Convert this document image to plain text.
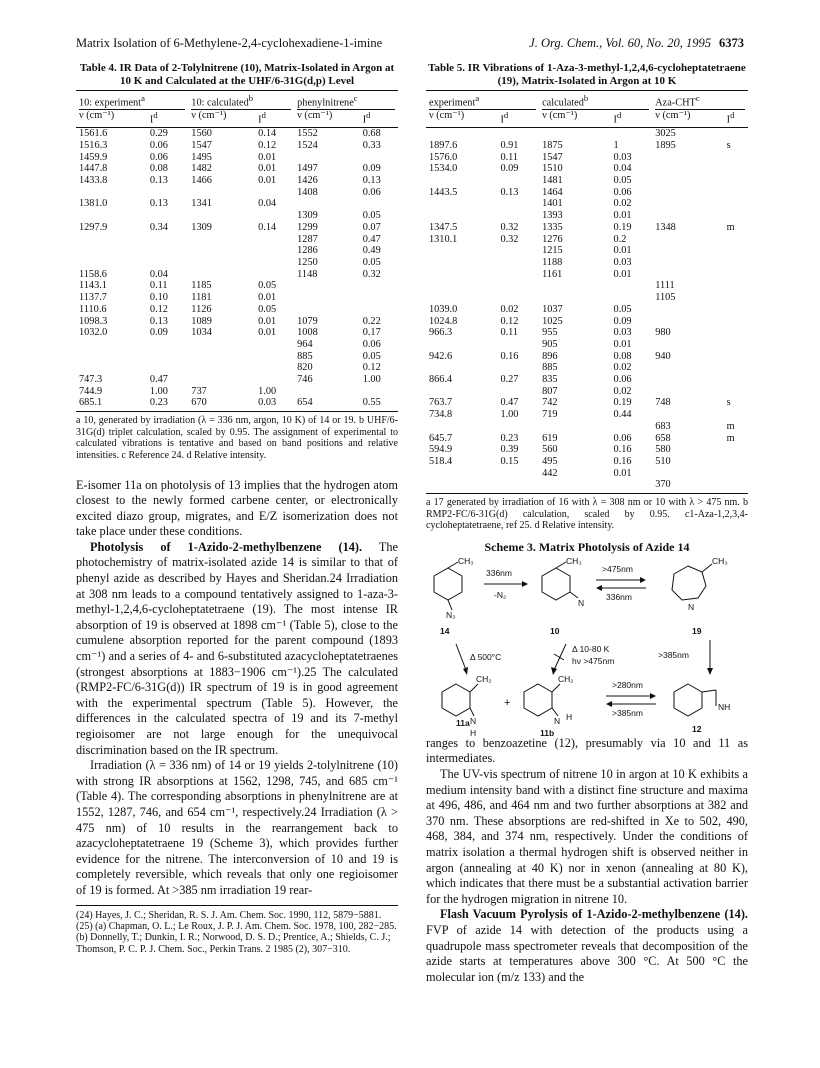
Matrix Isolation of 6-Methylene-2,4-cyclohexadiene-1-imine	J. Org. Chem., Vol. 60, No. 20, 1995 6373
Table 4. IR Data of 2-Tolylnitrene (10), Matrix-Isolated in Argon at 10 K and Calculated at the UHF/6-31G(d,p) Level
10: experiment$^a$		10: calculated$^b$		phenylnitrene$^c$

ν (cm⁻¹)	$I^d$	ν (cm⁻¹)	$I^d$	ν (cm⁻¹)	$I^d$
1561.6	0.29	1560	0.14	1552	0.68
1516.3	0.06	1547	0.12	1524	0.33
1459.9	0.06	1495	0.01		
1447.8	0.08	1482	0.01	1497	0.09
1433.8	0.13	1466	0.01	1426	0.13
				1408	0.06
1381.0	0.13	1341	0.04		
				1309	0.05
1297.9	0.34	1309	0.14	1299	0.07
				1287	0.47
				1286	0.49
				1250	0.05
1158.6	0.04			1148	0.32
1143.1	0.11	1185	0.05		
1137.7	0.10	1181	0.01		
1110.6	0.12	1126	0.05		
1098.3	0.13	1089	0.01	1079	0.22
1032.0	0.09	1034	0.01	1008	0.17
				964	0.06
				885	0.05
				820	0.12
747.3	0.47			746	1.00
744.9	1.00	737	1.00		
685.1	0.23	670	0.03	654	0.55
a 10, generated by irradiation (λ = 336 nm, argon, 10 K) of 14 or 19. b UHF/6-31G(d) triplet calculation, scaled by 0.95. The assignment of experimental to calculated vibrations is tentative and based on band positions and relative intensities. c Reference 24. d Relative intensity.

E-isomer 11a on photolysis of 13 implies that the hydrogen atom closest to the newly formed carbene center, or electronically excited diazo group, migrates, and E/Z isomerization does not take place under these conditions.

Photolysis of 1-Azido-2-methylbenzene (14). The photochemistry of matrix-isolated azide 14 is similar to that of phenyl azide as described by Hayes and Sheridan.24 Irradiation at 308 nm leads to a compound tentatively assigned to 1-aza-3-methyl-1,2,4,6-cycloheptatetraene (19). The most intense IR absorption of 19 is observed at 1898 cm⁻¹ (Table 5), close to the cumulene absorption reported for the parent compound (1893 cm⁻¹) and a series of 4- and 6-substituted azacycloheptatetraenes (strongest absorptions at 1883−1906 cm⁻¹).25 The calculated (RMP2-FC/6-31G(d)) IR spectrum of 19 is in good agreement with the experimental spectrum (Table 5). However, the differences in the calculated spectra of 19 and its 7-methyl regioisomer are not large enough for the unequivocal discrimination based on the IR spectrum.

Irradiation (λ = 336 nm) of 14 or 19 yields 2-tolylnitrene (10) with strong IR absorptions at 1562, 1298, 745, and 685 cm⁻¹ (Table 4). The corresponding absorptions in phenylnitrene are at 1552, 1287, 746, and 654 cm⁻¹, respectively.24 Irradiation (λ > 475 nm) of 10 results in the rearrangement back to azacycloheptatetraene 19 (Scheme 3), which provides further evidence for the nitrene. The interconversion of 10 and 19 is completely reversible, which reveals that only one regioisomer of 19 is formed. At >385 nm irradiation 19 rear-

(24) Hayes, J. C.; Sheridan, R. S. J. Am. Chem. Soc. 1990, 112, 5879−5881.
(25) (a) Chapman, O. L.; Le Roux, J. P. J. Am. Chem. Soc. 1978, 100, 282−285. (b) Donnelly, T.; Dunkin, I. R.; Norwood, D. S. D.; Prentice, A.; Shields, C. J.; Thomson, P. C. P. J. Chem. Soc., Perkin Trans. 2 1985 (2), 307−310.
Table 5. IR Vibrations of 1-Aza-3-methyl-1,2,4,6-cycloheptatetraene (19), Matrix-Isolated in Argon at 10 K
experiment$^a$		calculated$^b$		Aza-CHT$^c$

ν (cm⁻¹)	$I^d$	ν (cm⁻¹)	$I^d$	ν (cm⁻¹)	$I^d$
				3025	
1897.6	0.91	1875	1	1895	s
1576.0	0.11	1547	0.03		
1534.0	0.09	1510	0.04		
		1481	0.05		
1443.5	0.13	1464	0.06		
		1401	0.02		
		1393	0.01		
1347.5	0.32	1335	0.19	1348	m
1310.1	0.32	1276	0.2		
		1215	0.01		
		1188	0.03		
		1161	0.01		
				1111	
				1105	
1039.0	0.02	1037	0.05		
1024.8	0.12	1025	0.09		
966.3	0.11	955	0.03	980	
		905	0.01		
942.6	0.16	896	0.08	940	
		885	0.02		
866.4	0.27	835	0.06		
		807	0.02		
763.7	0.47	742	0.19	748	s
734.8	1.00	719	0.44		
				683	m
645.7	0.23	619	0.06	658	m
594.9	0.39	560	0.16	580	
518.4	0.15	495	0.16	510	
		442	0.01		
				370	
a 17 generated by irradiation of 16 with λ = 308 nm or 10 with λ > 475 nm. b RMP2-FC/6-31G(d) calculation, scaled by 0.95. c1-Aza-1,2,3,4-cycloheptatetraene, ref 25. d Relative intensity.
Scheme 3. Matrix Photolysis of Azide 14
CH₃
N₃
14
336nm
-N₂
CH₃
N
10
>475nm
336nm
CH₃
N
19
Δ 500°C
Δ 10-80 K
hν >475nm
>385nm
CH₂
N
H
11a
+
CH₂
N H
11b
>280nm
>385nm
NH
12

ranges to benzoazetine (12), presumably via 10 and 11 as intermediates.

The UV-vis spectrum of nitrene 10 in argon at 10 K exhibits a medium intensity band with a distinct fine structure and maxima at 496, 486, and 464 nm and two further absorptions at 382 and 370 nm. These absorptions are red-shifted in Xe to 502, 490, 468, 384, and 374 nm, respectively. Under the conditions of matrix isolation a thermal hydrogen shift is observed neither in argon (annealing at 40 K) nor in xenon (annealing at 80 K), which indicates that there must be a substantial activation barrier for the hydrogen migration in nitrene 10.

Flash Vacuum Pyrolysis of 1-Azido-2-methylbenzene (14). FVP of azide 14 with detection of the products using a quadrupole mass spectrometer reveals that decomposition of the azide starts at temperatures above 300 °C. At 500 °C the molecular ion (m/z 133) and the
